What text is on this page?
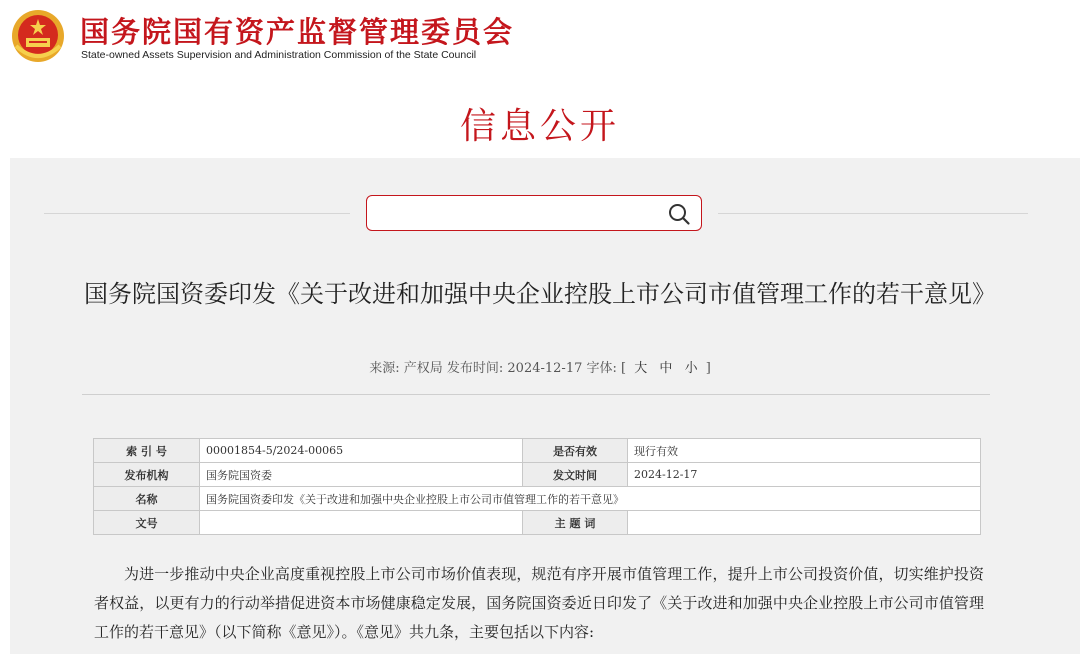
国务院国有资产监督管理委员会
State-owned Assets Supervision and Administration Commission of the State Council
信息公开
国务院国资委印发《关于改进和加强中央企业控股上市公司市值管理工作的若干意见》
来源: 产权局 发布时间: 2024-12-17 字体: [ 大 中 小 ]
索 引 号	00001854-5/2024-00065	是否有效	现行有效
发布机构	国务院国资委	发文时间	2024-12-17
名称	国务院国资委印发《关于改进和加强中央企业控股上市公司市值管理工作的若干意见》		
文号		主 题 词	

为进一步推动中央企业高度重视控股上市公司市场价值表现，规范有序开展市值管理工作，提升上市公司投资价值，切实维护投资者权益，以更有力的行动举措促进资本市场健康稳定发展，国务院国资委近日印发了《关于改进和加强中央企业控股上市公司市值管理工作的若干意见》（以下简称《意见》）。《意见》共九条，主要包括以下内容:
